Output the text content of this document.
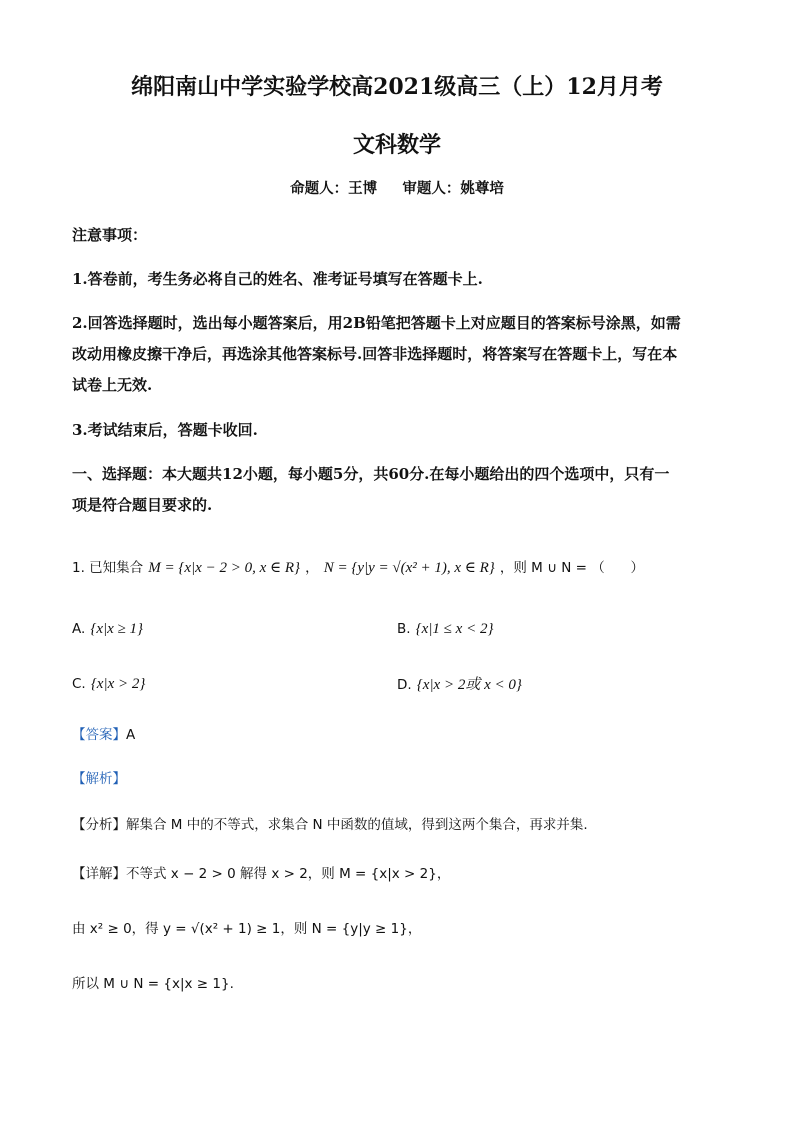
绵阳南山中学实验学校高2021级高三（上）12月月考
文科数学
命题人：王博     审题人：姚尊培
注意事项：
1.答卷前，考生务必将自己的姓名、准考证号填写在答题卡上.
2.回答选择题时，选出每小题答案后，用2B铅笔把答题卡上对应题目的答案标号涂黑，如需
改动用橡皮擦干净后，再选涂其他答案标号.回答非选择题时，将答案写在答题卡上，写在本
试卷上无效.
3.考试结束后，答题卡收回.
一、选择题：本大题共12小题，每小题5分，共60分.在每小题给出的四个选项中，只有一
项是符合题目要求的.
1. 已知集合 M = {x|x − 2 > 0, x ∈ R} ， N = {y|y = √(x² + 1), x ∈ R} ，则 M ∪ N = （      ）
A. {x|x ≥ 1}	B. {x|1 ≤ x < 2}
C. {x|x > 2}	D. {x|x > 2或 x < 0}
【答案】A
【解析】
【分析】解集合 M 中的不等式，求集合 N 中函数的值域，得到这两个集合，再求并集.
【详解】不等式 x − 2 > 0 解得 x > 2，则 M = {x|x > 2}，
由 x² ≥ 0，得 y = √(x² + 1) ≥ 1，则 N = {y|y ≥ 1}，
所以 M ∪ N = {x|x ≥ 1}.
